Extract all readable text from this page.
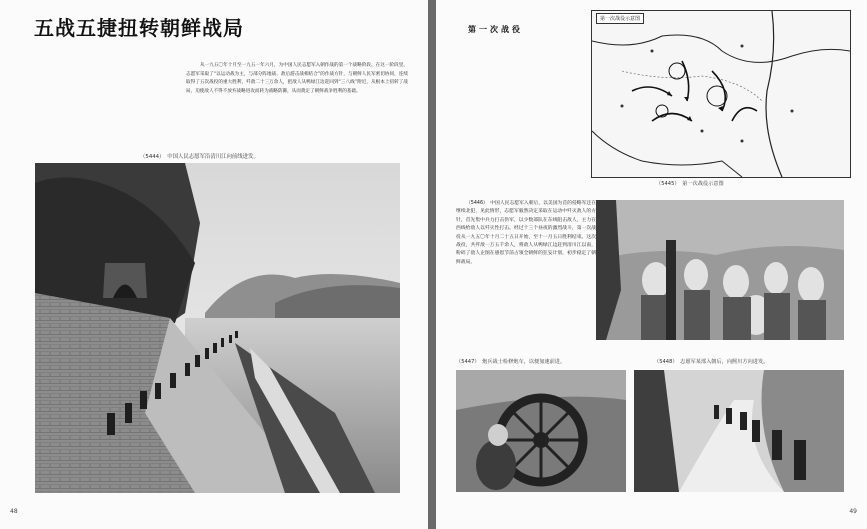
五战五捷扭转朝鲜战局
从一九五〇年十月至一九五一年六月，为中国人民志愿军入朝作战的第一个战略阶段。在这一阶段里，志愿军采取了“以运动战为主，与部分阵地战、敌后游击战相结合”的作战方针，与朝鲜人民军密切协同，连续取得了五次战役的重大胜利，歼敌二十三万余人，把敌人从鸭绿江边赶回到“三八线”附近，从根本上扭转了战局，迫使敌人不得不放弃战略进攻而转为战略防御，从而奠定了朝鲜战争胜利的基础。
（5444）　中国人民志愿军沿清川江向前线进发。
48
第一次战役
第一次战役示意图
（5445）　第一次战役示意图
（5446）　中国人民志愿军入朝后，以美国为首的侵略军还在继续北犯，见此情形，志愿军毅然决定采取在运动中歼灭敌人的方针，首先集中兵力打击伪军，以少数部队在东线阻击敌人，主力在西线给敌人以歼灭性打击。经过十三个昼夜的激烈战斗，第一次战役从一九五〇年十月二十五日开始，至十一月五日胜利结束。这次战役，共歼敌一万五千余人，将敌人从鸭绿江边赶到清川江以南，粉碎了敌人企图在感恩节前占领全朝鲜的狂妄计划，初步稳定了朝鲜战局。
（5447）　炮兵战士检修炮车，以便加速前进。	（5448）　志愿军某部入朝后，向熙川方向进发。
49
